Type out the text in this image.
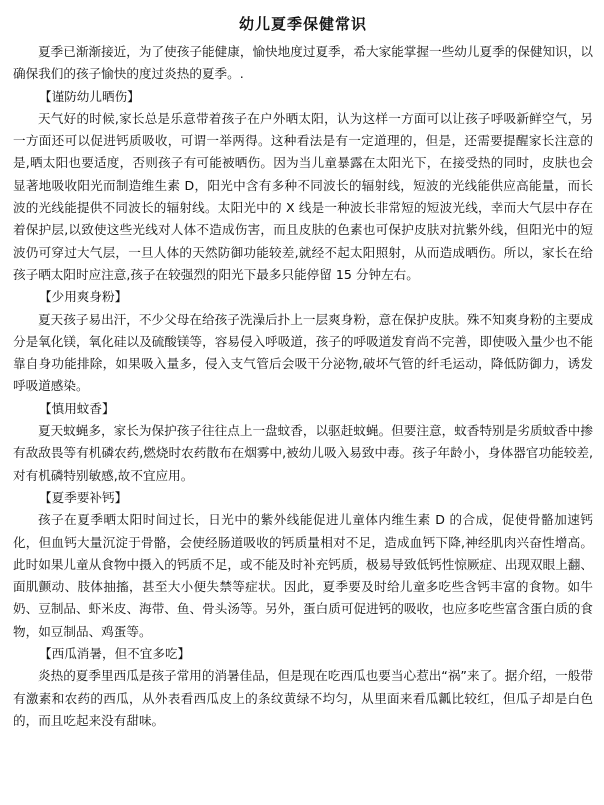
幼儿夏季保健常识

夏季已渐渐接近，为了使孩子能健康，愉快地度过夏季，希大家能掌握一些幼儿夏季的保健知识，以确保我们的孩子愉快的度过炎热的夏季。.

【谨防幼儿晒伤】

天气好的时候,家长总是乐意带着孩子在户外晒太阳，认为这样一方面可以让孩子呼吸新鲜空气，另一方面还可以促进钙质吸收，可谓一举两得。这种看法是有一定道理的，但是，还需要提醒家长注意的是,晒太阳也要适度，否则孩子有可能被晒伤。因为当儿童暴露在太阳光下，在接受热的同时，皮肤也会显著地吸收阳光而制造维生素 D，阳光中含有多种不同波长的辐射线，短波的光线能供应高能量，而长波的光线能提供不同波长的辐射线。太阳光中的 X 线是一种波长非常短的短波光线，幸而大气层中存在着保护层,以致使这些光线对人体不造成伤害，而且皮肤的色素也可保护皮肤对抗紫外线，但阳光中的短波仍可穿过大气层，一旦人体的天然防御功能较差,就经不起太阳照射，从而造成晒伤。所以，家长在给孩子晒太阳时应注意,孩子在较强烈的阳光下最多只能停留 15 分钟左右。

【少用爽身粉】

夏天孩子易出汗，不少父母在给孩子洗澡后扑上一层爽身粉，意在保护皮肤。殊不知爽身粉的主要成分是氧化镁，氧化硅以及硫酸镁等，容易侵入呼吸道，孩子的呼吸道发育尚不完善，即使吸入量少也不能靠自身功能排除，如果吸入量多，侵入支气管后会吸干分泌物,破坏气管的纤毛运动，降低防御力，诱发呼吸道感染。

【慎用蚊香】

夏天蚊蝇多，家长为保护孩子往往点上一盘蚊香，以驱赶蚊蝇。但要注意，蚊香特别是劣质蚊香中掺有敌敌畏等有机磷农药,燃烧时农药散布在烟雾中,被幼儿吸入易致中毒。孩子年龄小，身体器官功能较差,对有机磷特别敏感,故不宜应用。

【夏季要补钙】

孩子在夏季晒太阳时间过长，日光中的紫外线能促进儿童体内维生素 D 的合成，促使骨骼加速钙化，但血钙大量沉淀于骨骼，会使经肠道吸收的钙质量相对不足，造成血钙下降,神经肌肉兴奋性增高。此时如果儿童从食物中摄入的钙质不足，或不能及时补充钙质，极易导致低钙性惊厥症、出现双眼上翻、面肌颤动、肢体抽搐，甚至大小便失禁等症状。因此，夏季要及时给儿童多吃些含钙丰富的食物。如牛奶、豆制品、虾米皮、海带、鱼、骨头汤等。另外，蛋白质可促进钙的吸收，也应多吃些富含蛋白质的食物，如豆制品、鸡蛋等。

【西瓜消暑，但不宜多吃】

炎热的夏季里西瓜是孩子常用的消暑佳品，但是现在吃西瓜也要当心惹出“祸”来了。据介绍，一般带有激素和农药的西瓜，从外表看西瓜皮上的条纹黄绿不均匀，从里面来看瓜瓤比较红，但瓜子却是白色的，而且吃起来没有甜味。
